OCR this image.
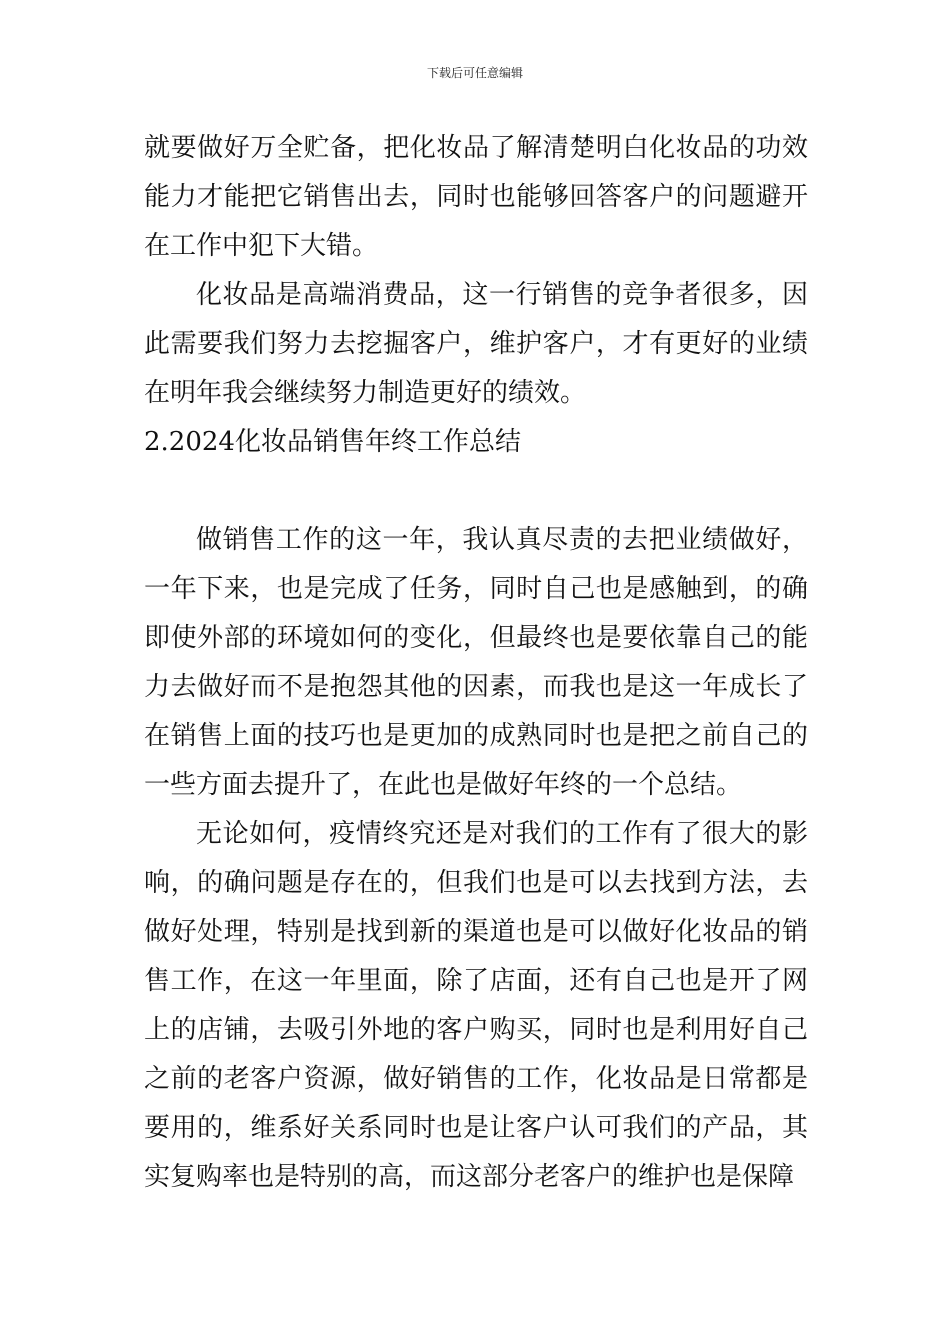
下载后可任意编辑

就要做好万全贮备，把化妆品了解清楚明白化妆品的功效能力才能把它销售出去，同时也能够回答客户的问题避开在工作中犯下大错。

化妆品是高端消费品，这一行销售的竞争者很多，因此需要我们努力去挖掘客户，维护客户，才有更好的业绩在明年我会继续努力制造更好的绩效。

2.2024化妆品销售年终工作总结

做销售工作的这一年，我认真尽责的去把业绩做好，一年下来，也是完成了任务，同时自己也是感触到，的确即使外部的环境如何的变化，但最终也是要依靠自己的能力去做好而不是抱怨其他的因素，而我也是这一年成长了在销售上面的技巧也是更加的成熟同时也是把之前自己的一些方面去提升了，在此也是做好年终的一个总结。

无论如何，疫情终究还是对我们的工作有了很大的影响，的确问题是存在的，但我们也是可以去找到方法，去做好处理，特别是找到新的渠道也是可以做好化妆品的销售工作，在这一年里面，除了店面，还有自己也是开了网上的店铺，去吸引外地的客户购买，同时也是利用好自己之前的老客户资源，做好销售的工作，化妆品是日常都是要用的，维系好关系同时也是让客户认可我们的产品，其实复购率也是特别的高，而这部分老客户的维护也是保障
